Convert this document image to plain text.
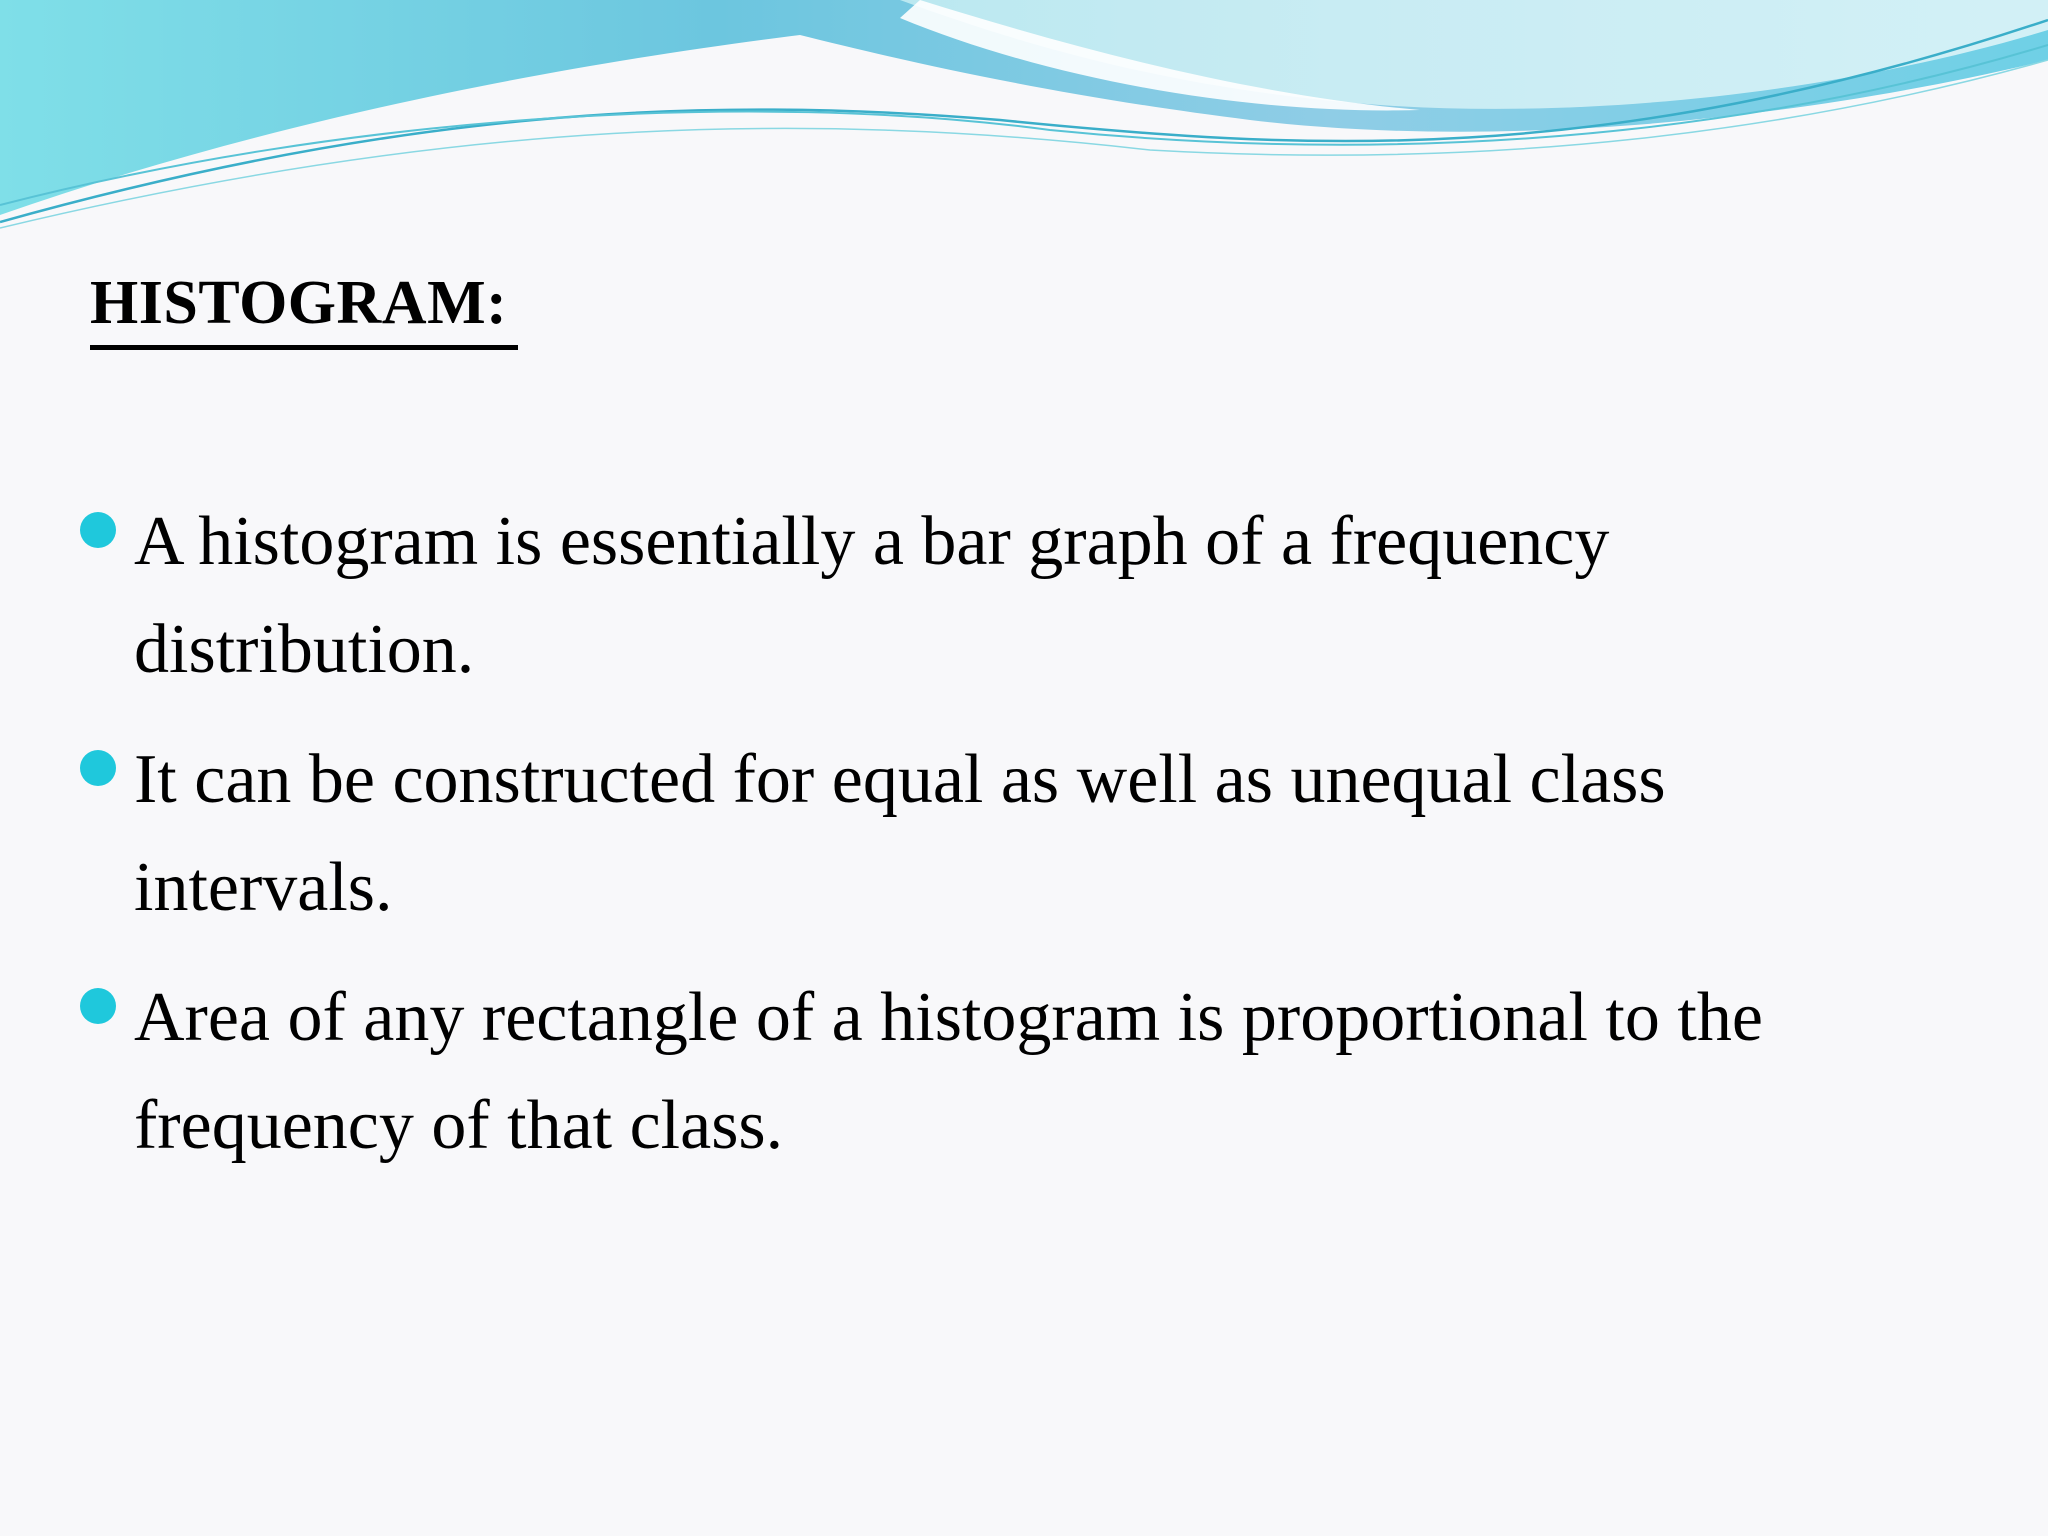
HISTOGRAM:
A histogram is essentially a bar graph of a frequency distribution.
It can be constructed for equal as well as unequal class intervals.
Area of any rectangle of a histogram is proportional to the frequency of that class.
